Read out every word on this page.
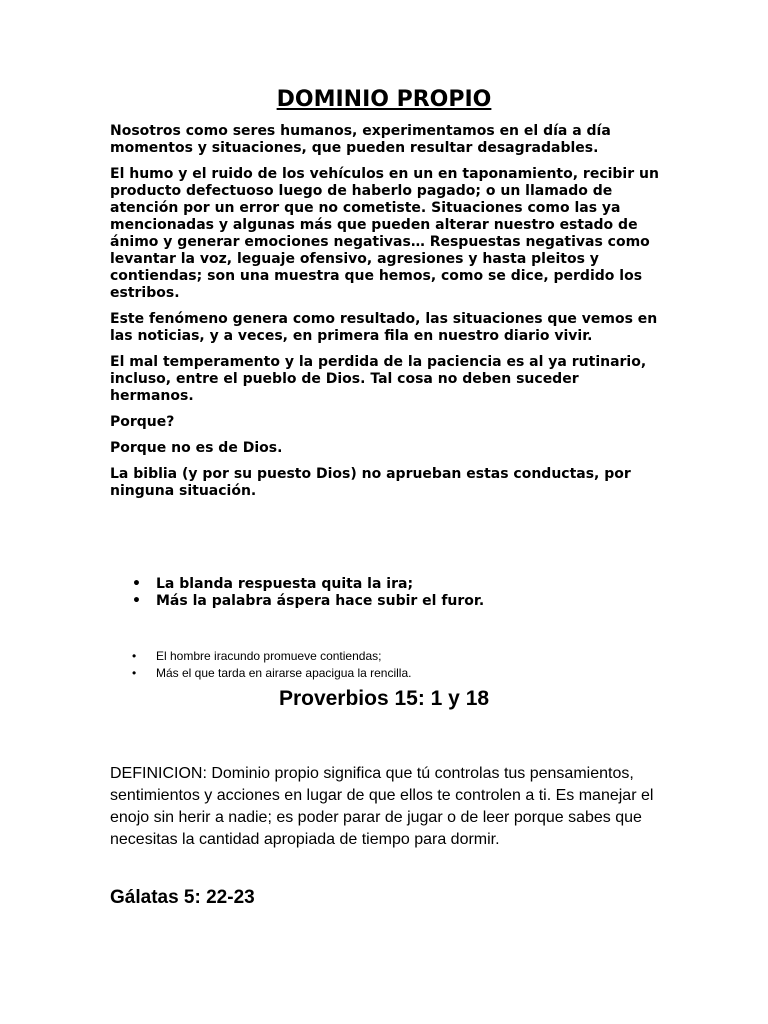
DOMINIO PROPIO

Nosotros como seres humanos, experimentamos en el día a día momentos y situaciones, que pueden resultar desagradables.

El humo y el ruido de los vehículos en un en taponamiento, recibir un producto defectuoso luego de haberlo pagado; o un llamado de atención por un error que no cometiste. Situaciones como las ya mencionadas y algunas más que pueden alterar nuestro estado de ánimo y generar emociones negativas… Respuestas negativas como levantar la voz, leguaje ofensivo, agresiones y hasta pleitos y contiendas; son una muestra que hemos, como se dice, perdido los estribos.

Este fenómeno genera como resultado, las situaciones que vemos en las noticias, y a veces, en primera fila en nuestro diario vivir.

El mal temperamento y la perdida de la paciencia es al ya rutinario, incluso, entre el pueblo de Dios. Tal cosa no deben suceder hermanos.

Porque?

Porque no es de Dios.

La biblia (y por su puesto Dios) no aprueban estas conductas, por ninguna situación.

• La blanda respuesta quita la ira;
• Más la palabra áspera hace subir el furor.
• El hombre iracundo promueve contiendas;
• Más el que tarda en airarse apacigua la rencilla.
Proverbios 15: 1 y 18

DEFINICION: Dominio propio significa que tú controlas tus pensamientos, sentimientos y acciones en lugar de que ellos te controlen a ti. Es manejar el enojo sin herir a nadie; es poder parar de jugar o de leer porque sabes que necesitas la cantidad apropiada de tiempo para dormir.

Gálatas 5: 22-23
